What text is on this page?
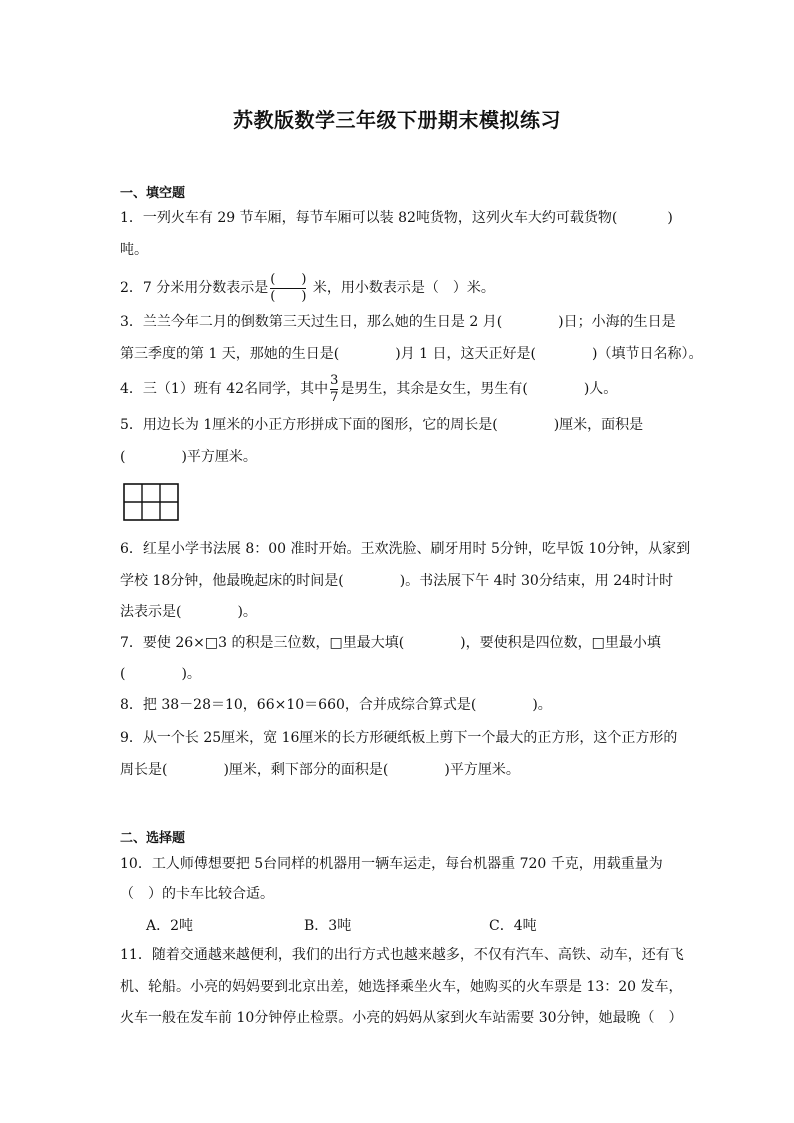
苏教版数学三年级下册期末模拟练习
一、填空题
1．一列火车有 29 节车厢，每节车厢可以装 82吨货物，这列火车大约可载货物(	)
吨。
2．7 分米用分数表示是 $\frac{( )}{( )}$ 米，用小数表示是（　）米。
3．兰兰今年二月的倒数第三天过生日，那么她的生日是 2 月(　　　　)日；小海的生日是
第三季度的第 1 天，那她的生日是(　　　　)月 1 日，这天正好是(　　　　)（填节日名称）。
4．三（1）班有 42名同学，其中 $\frac{3}{7}$ 是男生，其余是女生，男生有(　　　　)人。
5．用边长为 1厘米的小正方形拼成下面的图形，它的周长是(　　　　)厘米，面积是
(　　　　)平方厘米。
6．红星小学书法展 8：00 准时开始。王欢洗脸、刷牙用时 5分钟，吃早饭 10分钟，从家到
学校 18分钟，他最晚起床的时间是(　　　　)。书法展下午 4时 30分结束，用 24时计时
法表示是(　　　　)。
7．要使 26×□3 的积是三位数，□里最大填(　　　　)，要使积是四位数，□里最小填
(　　　　)。
8．把 38－28＝10，66×10＝660，合并成综合算式是(　　　　)。
9．从一个长 25厘米，宽 16厘米的长方形硬纸板上剪下一个最大的正方形，这个正方形的
周长是(　　　　)厘米，剩下部分的面积是(　　　　)平方厘米。
二、选择题
10．工人师傅想要把 5台同样的机器用一辆车运走，每台机器重 720 千克，用载重量为
（　）的卡车比较合适。
A．2吨	B．3吨	C．4吨
11．随着交通越来越便利，我们的出行方式也越来越多，不仅有汽车、高铁、动车，还有飞
机、轮船。小亮的妈妈要到北京出差，她选择乘坐火车，她购买的火车票是 13：20 发车，
火车一般在发车前 10分钟停止检票。小亮的妈妈从家到火车站需要 30分钟，她最晚（　）
